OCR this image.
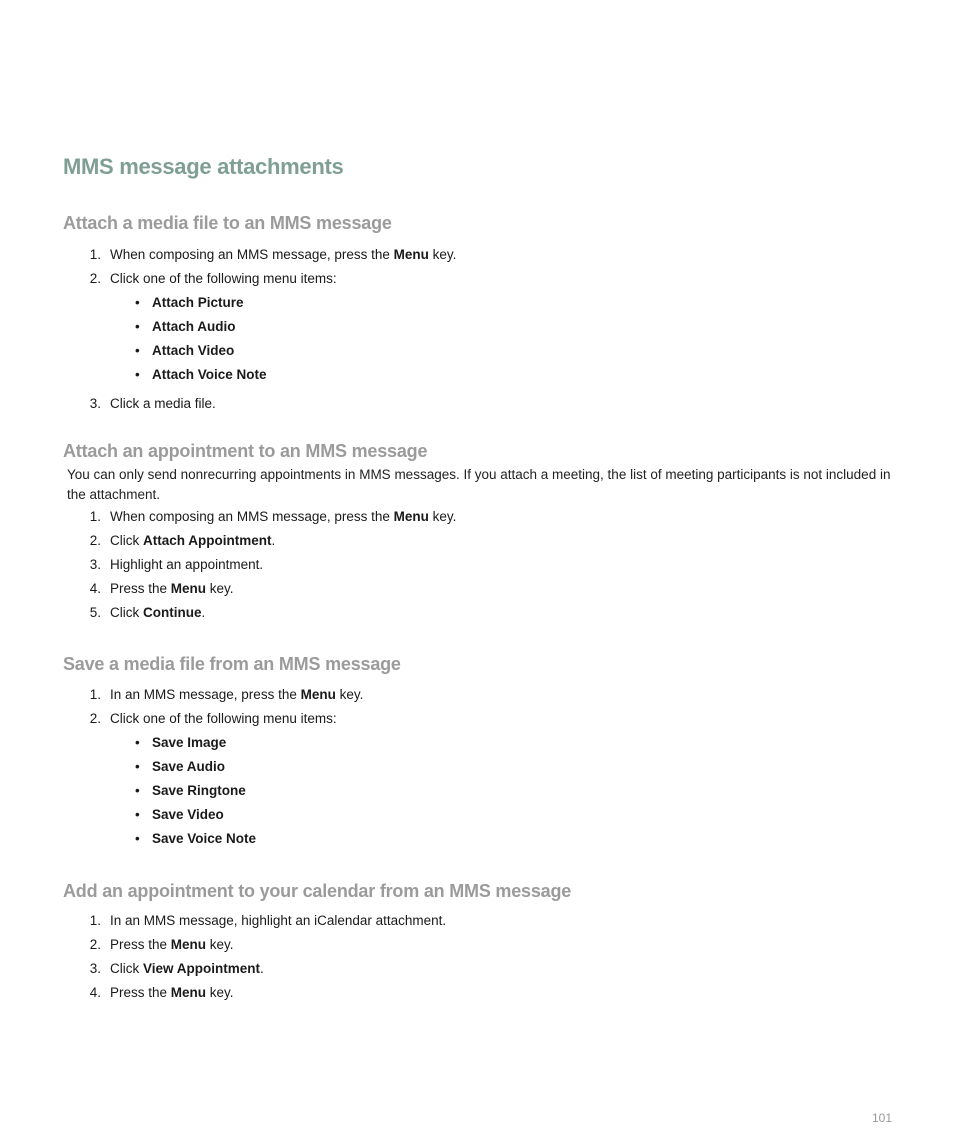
MMS message attachments
Attach a media file to an MMS message
1. When composing an MMS message, press the Menu key.
2. Click one of the following menu items:
• Attach Picture
• Attach Audio
• Attach Video
• Attach Voice Note
3. Click a media file.
Attach an appointment to an MMS message

You can only send nonrecurring appointments in MMS messages. If you attach a meeting, the list of meeting participants is not included in the attachment.

1. When composing an MMS message, press the Menu key.
2. Click Attach Appointment.
3. Highlight an appointment.
4. Press the Menu key.
5. Click Continue.
Save a media file from an MMS message
1. In an MMS message, press the Menu key.
2. Click one of the following menu items:
• Save Image
• Save Audio
• Save Ringtone
• Save Video
• Save Voice Note
Add an appointment to your calendar from an MMS message
1. In an MMS message, highlight an iCalendar attachment.
2. Press the Menu key.
3. Click View Appointment.
4. Press the Menu key.
101
